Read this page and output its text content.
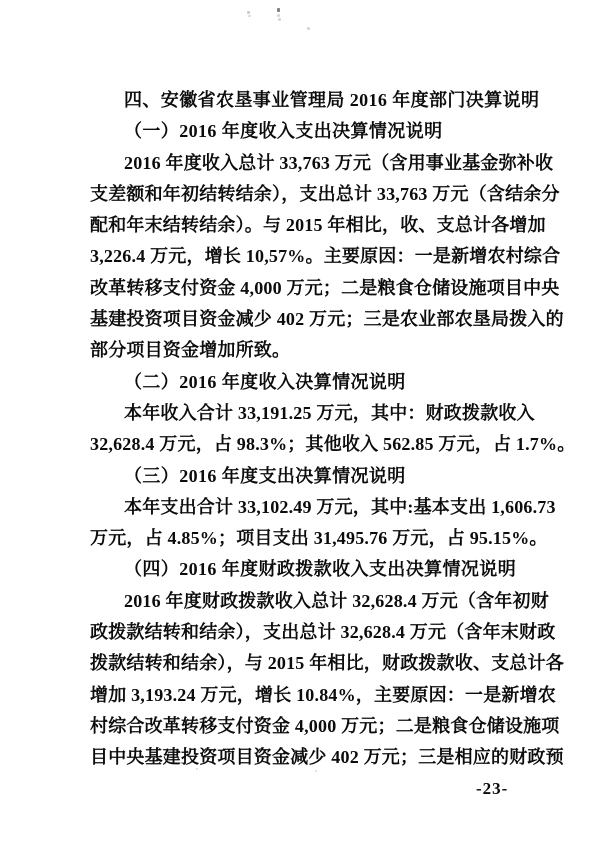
四、安徽省农垦事业管理局 2016 年度部门决算说明
（一）2016 年度收入支出决算情况说明
2016 年度收入总计 33,763 万元（含用事业基金弥补收
支差额和年初结转结余），支出总计 33,763 万元（含结余分
配和年末结转结余）。与 2015 年相比，收、支总计各增加
3,226.4 万元，增长 10,57%。主要原因：一是新增农村综合
改革转移支付资金 4,000 万元；二是粮食仓储设施项目中央
基建投资项目资金减少 402 万元；三是农业部农垦局拨入的
部分项目资金增加所致。
（二）2016 年度收入决算情况说明
本年收入合计 33,191.25 万元，其中：财政拨款收入
32,628.4 万元，占 98.3%；其他收入 562.85 万元，占 1.7%。
（三）2016 年度支出决算情况说明
本年支出合计 33,102.49 万元，其中:基本支出 1,606.73
万元，占 4.85%；项目支出 31,495.76 万元，占 95.15%。
（四）2016 年度财政拨款收入支出决算情况说明
2016 年度财政拨款收入总计 32,628.4 万元（含年初财
政拨款结转和结余），支出总计 32,628.4 万元（含年末财政
拨款结转和结余），与 2015 年相比，财政拨款收、支总计各
增加 3,193.24 万元，增长 10.84%，主要原因：一是新增农
村综合改革转移支付资金 4,000 万元；二是粮食仓储设施项
目中央基建投资项目资金减少 402 万元；三是相应的财政预
-23-
